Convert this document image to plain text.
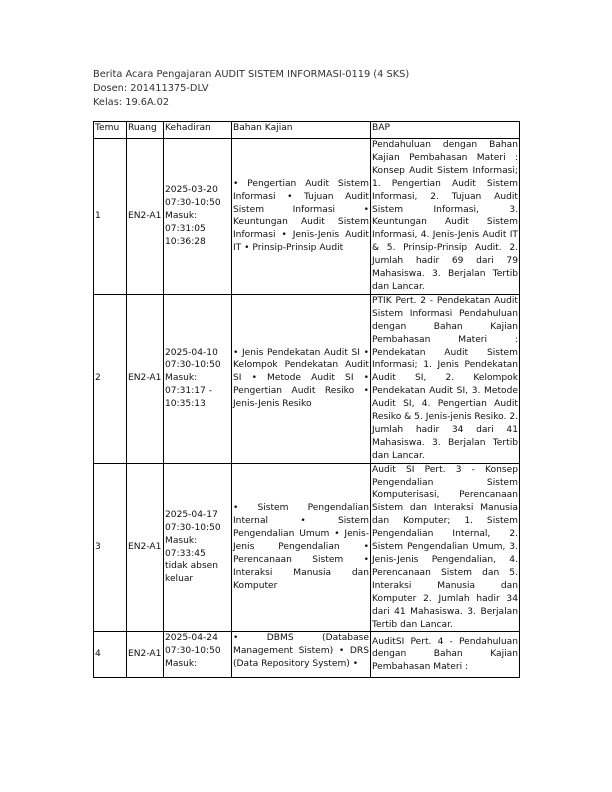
Berita Acara Pengajaran AUDIT SISTEM INFORMASI-0119 (4 SKS)
Dosen: 201411375-DLV
Kelas: 19.6A.02
Temu	Ruang	Kehadiran	Bahan Kajian	BAP
1	EN2-A1	2025-03-20 07:30-10:50 Masuk: 07:31:05 10:36:28	• Pengertian Audit Sistem Informasi • Tujuan Audit Sistem Informasi • Keuntungan Audit Sistem Informasi • Jenis-Jenis Audit IT • Prinsip-Prinsip Audit	Pendahuluan dengan Bahan Kajian Pembahasan Materi : Konsep Audit Sistem Informasi; 1. Pengertian Audit Sistem Informasi, 2. Tujuan Audit Sistem Informasi, 3. Keuntungan Audit Sistem Informasi, 4. Jenis-Jenis Audit IT & 5. Prinsip-Prinsip Audit. 2. Jumlah hadir 69 dari 79 Mahasiswa. 3. Berjalan Tertib dan Lancar.
2	EN2-A1	2025-04-10 07:30-10:50 Masuk: 07:31:17 - 10:35:13	• Jenis Pendekatan Audit SI • Kelompok Pendekatan Audit SI • Metode Audit SI • Pengertian Audit Resiko • Jenis-Jenis Resiko	PTIK Pert. 2 - Pendekatan Audit Sistem Informasi Pendahuluan dengan Bahan Kajian Pembahasan Materi : Pendekatan Audit Sistem Informasi; 1. Jenis Pendekatan Audit SI, 2. Kelompok Pendekatan Audit SI, 3. Metode Audit SI, 4. Pengertian Audit Resiko & 5. Jenis-jenis Resiko. 2. Jumlah hadir 34 dari 41 Mahasiswa. 3. Berjalan Tertib dan Lancar.
3	EN2-A1	2025-04-17 07:30-10:50 Masuk: 07:33:45 tidak absen keluar	• Sistem Pengendalian Internal • Sistem Pengendalian Umum • Jenis-Jenis Pengendalian • Perencanaan Sistem • Interaksi Manusia dan Komputer	Audit SI Pert. 3 - Konsep Pengendalian Sistem Komputerisasi, Perencanaan Sistem dan Interaksi Manusia dan Komputer; 1. Sistem Pengendalian Internal, 2. Sistem Pengendalian Umum, 3. Jenis-Jenis Pengendalian, 4. Perencanaan Sistem dan 5. Interaksi Manusia dan Komputer 2. Jumlah hadir 34 dari 41 Mahasiswa. 3. Berjalan Tertib dan Lancar.
4	EN2-A1	2025-04-24 07:30-10:50 Masuk:	• DBMS (Database Management Sistem) • DRS (Data Repository System) •	AuditSI Pert. 4 - Pendahuluan dengan Bahan Kajian Pembahasan Materi :
